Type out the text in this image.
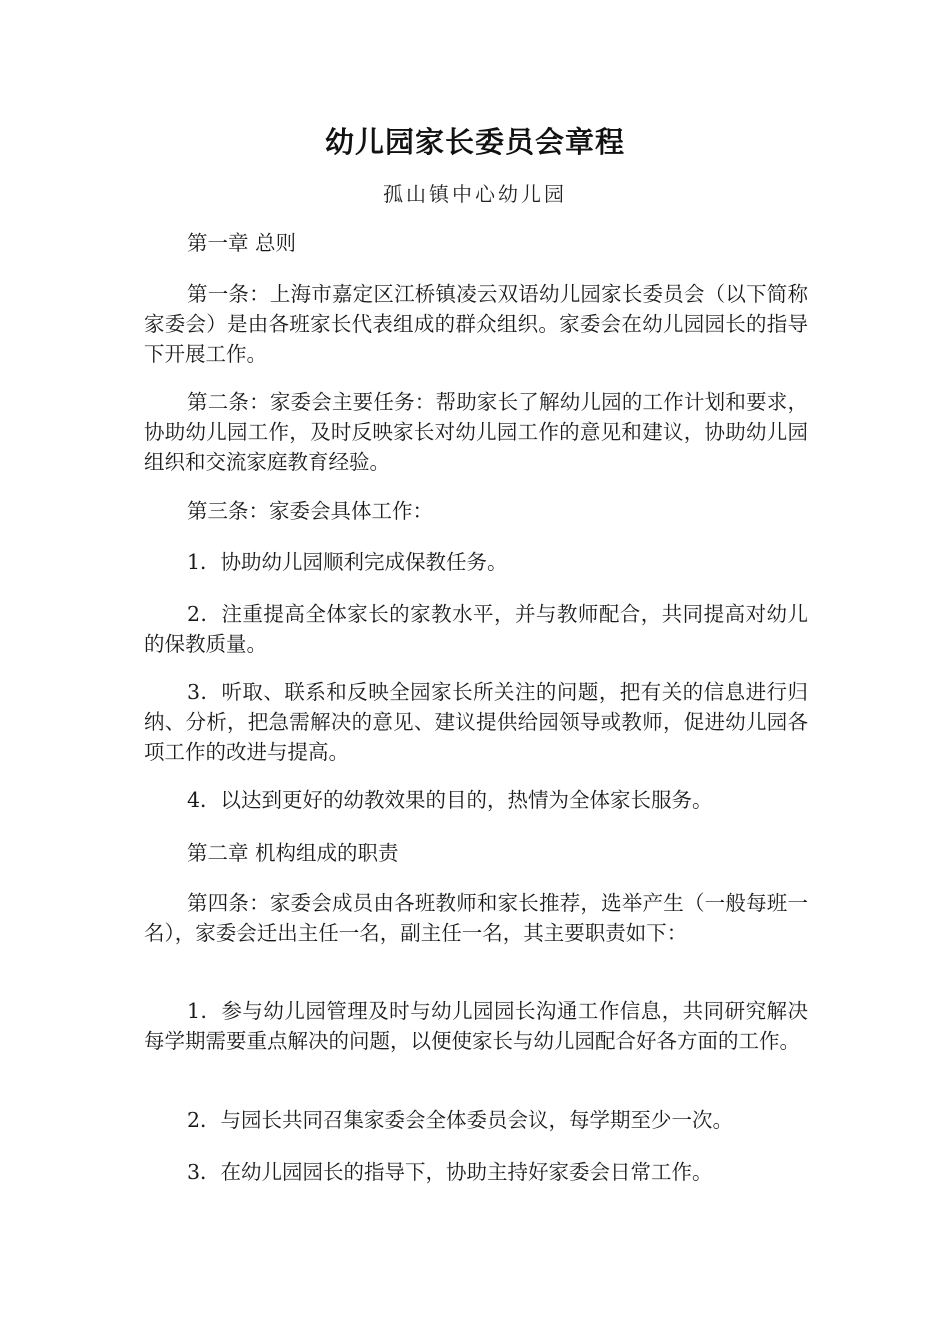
幼儿园家长委员会章程
孤山镇中心幼儿园
第一章 总则
第一条：上海市嘉定区江桥镇凌云双语幼儿园家长委员会（以下简称家委会）是由各班家长代表组成的群众组织。家委会在幼儿园园长的指导下开展工作。
第二条：家委会主要任务：帮助家长了解幼儿园的工作计划和要求，协助幼儿园工作，及时反映家长对幼儿园工作的意见和建议，协助幼儿园组织和交流家庭教育经验。
第三条：家委会具体工作：
1．协助幼儿园顺利完成保教任务。
2．注重提高全体家长的家教水平，并与教师配合，共同提高对幼儿的保教质量。
3．听取、联系和反映全园家长所关注的问题，把有关的信息进行归纳、分析，把急需解决的意见、建议提供给园领导或教师，促进幼儿园各项工作的改进与提高。
4．以达到更好的幼教效果的目的，热情为全体家长服务。
第二章 机构组成的职责
第四条：家委会成员由各班教师和家长推荐，选举产生（一般每班一名），家委会迁出主任一名，副主任一名，其主要职责如下：
1．参与幼儿园管理及时与幼儿园园长沟通工作信息，共同研究解决每学期需要重点解决的问题，以便使家长与幼儿园配合好各方面的工作。
2．与园长共同召集家委会全体委员会议，每学期至少一次。
3．在幼儿园园长的指导下，协助主持好家委会日常工作。
